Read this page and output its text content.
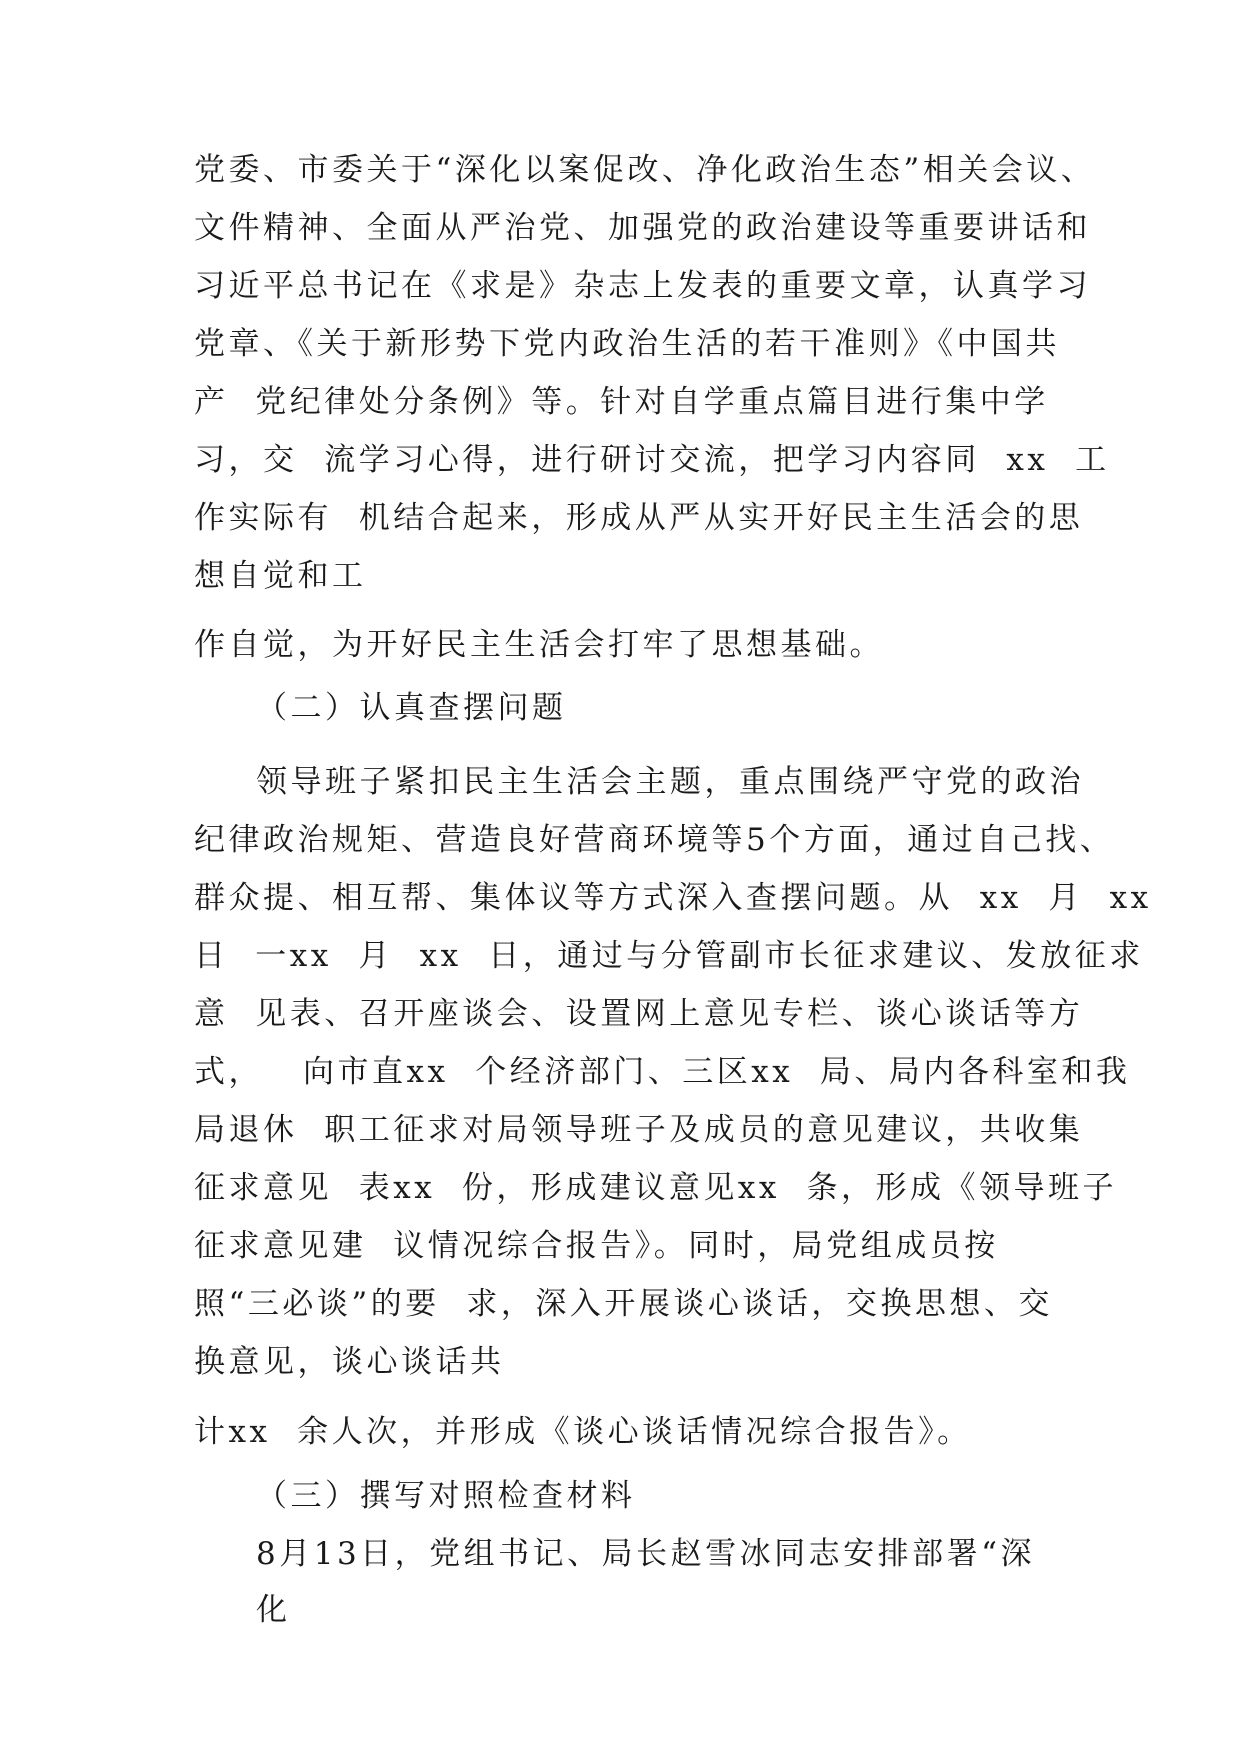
党委、市委关于“深化以案促改、净化政治生态”相关会议、

文件精神、全面从严治党、加强党的政治建设等重要讲话和

习近平总书记在《求是》杂志上发表的重要文章，认真学习

党章、《关于新形势下党内政治生活的若干准则》《中国共

产  党纪律处分条例》等。针对自学重点篇目进行集中学

习，交  流学习心得，进行研讨交流，把学习内容同  xx  工

作实际有  机结合起来，形成从严从实开好民主生活会的思

想自觉和工

作自觉，为开好民主生活会打牢了思想基础。

（二）认真查摆问题

领导班子紧扣民主生活会主题，重点围绕严守党的政治

纪律政治规矩、营造良好营商环境等5个方面，通过自己找、

群众提、相互帮、集体议等方式深入查摆问题。从  xx  月  xx

日  一xx  月  xx  日，通过与分管副市长征求建议、发放征求

意  见表、召开座谈会、设置网上意见专栏、谈心谈话等方

式，   向市直xx  个经济部门、三区xx  局、局内各科室和我

局退休  职工征求对局领导班子及成员的意见建议，共收集

征求意见  表xx  份，形成建议意见xx  条，形成《领导班子

征求意见建  议情况综合报告》。同时，局党组成员按

照“三必谈”的要  求，深入开展谈心谈话，交换思想、交

换意见，谈心谈话共

计xx  余人次，并形成《谈心谈话情况综合报告》。

（三）撰写对照检查材料

8月13日，党组书记、局长赵雪冰同志安排部署“深

化
